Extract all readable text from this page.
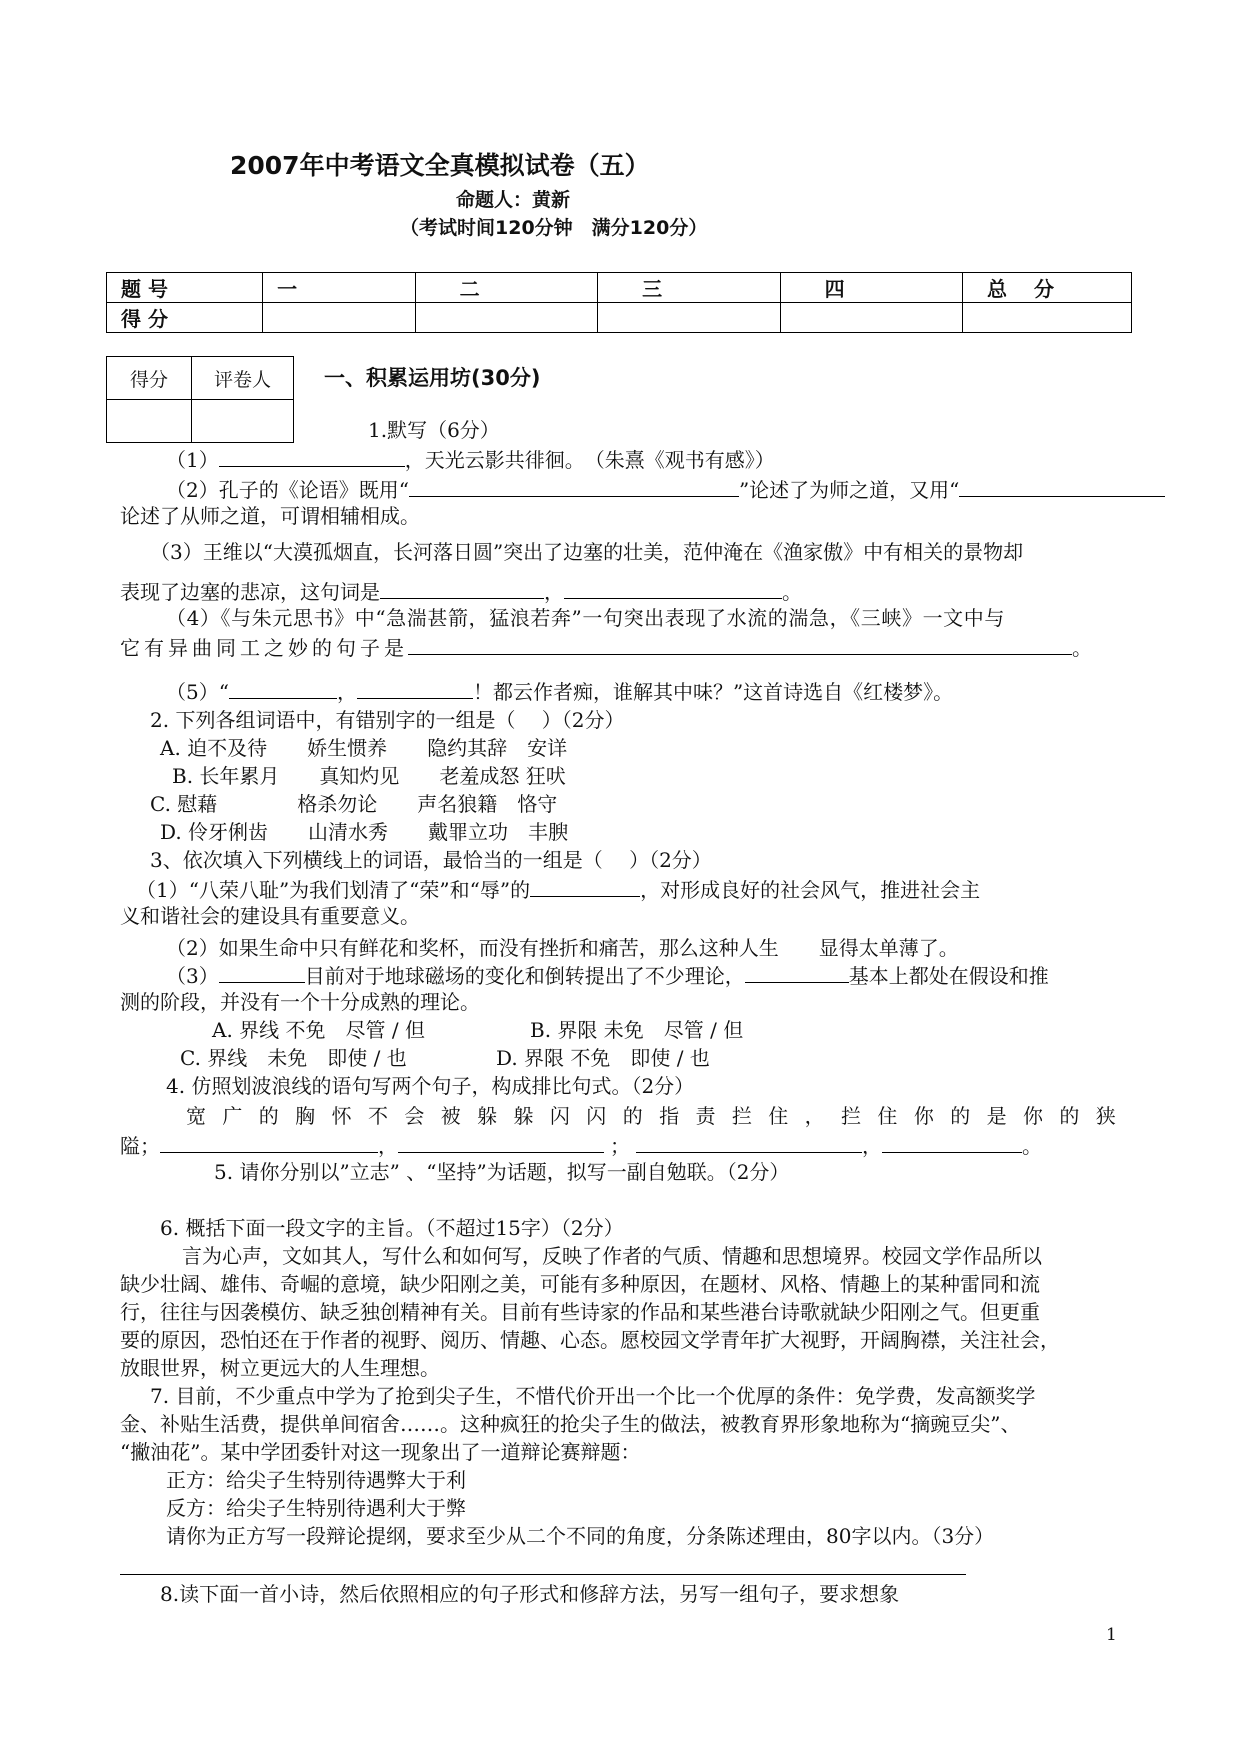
2007年中考语文全真模拟试卷（五）
命题人：黄新
（考试时间120分钟　满分120分）
题 号	一	二	三	四	总　 分
得 分					
得分	评卷人
		一、积累运用坊(30分)
1.默写（6分）
（1）	，天光云影共徘徊。　（朱熹《观书有感》）
（2）孔子的《论语》既用“	”论述了为师之道，又用“
论述了从师之道，可谓相辅相成。
（3）王维以“大漠孤烟直，长河落日圆”突出了边塞的壮美，范仲淹在《渔家傲》中有相关的景物却
表现了边塞的悲凉，这句词是	，	。
（4）《与朱元思书》中“急湍甚箭，猛浪若奔”一句突出表现了水流的湍急，《三峡》一文中与
它有异曲同工之妙的句子是	。
（5）“	，	！都云作者痴，谁解其中味？”这首诗选自《红楼梦》。
2. 下列各组词语中，有错别字的一组是（　 ）（2分）
A. 迫不及待　　娇生惯养　　隐约其辞　安详
B. 长年累月　　真知灼见　　老羞成怒 狂吠
C. 慰藉　　　　格杀勿论　　声名狼籍　恪守
D. 伶牙俐齿　　山清水秀　　戴罪立功　丰腴
3、依次填入下列横线上的词语，最恰当的一组是（　 ）（2分）
（1）“八荣八耻”为我们划清了“荣”和“辱”的	，对形成良好的社会风气，推进社会主
义和谐社会的建设具有重要意义。
（2）如果生命中只有鲜花和奖杯，而没有挫折和痛苦，那么这种人生　　显得太单薄了。
（3）	目前对于地球磁场的变化和倒转提出了不少理论，	基本上都处在假设和推
测的阶段，并没有一个十分成熟的理论。
A. 界线 不免　尽管 / 但	B. 界限 未免　尽管 / 但
C. 界线　未免　即使 / 也	D. 界限 不免　即使 / 也
4. 仿照划波浪线的语句写两个句子，构成排比句式。（2分）
宽 广 的 胸 怀 不 会 被 躲 躲 闪 闪 的 指 责 拦 住 ， 拦 住 你 的 是 你 的 狭
隘；	，	；	，	。
5. 请你分别以”立志” 、“坚持”为话题，拟写一副自勉联。（2分）
6. 概括下面一段文字的主旨。（不超过15字）（2分）
言为心声，文如其人，写什么和如何写，反映了作者的气质、情趣和思想境界。校园文学作品所以
缺少壮阔、雄伟、奇崛的意境，缺少阳刚之美，可能有多种原因，在题材、风格、情趣上的某种雷同和流
行，往往与因袭模仿、缺乏独创精神有关。目前有些诗家的作品和某些港台诗歌就缺少阳刚之气。但更重
要的原因，恐怕还在于作者的视野、阅历、情趣、心态。愿校园文学青年扩大视野，开阔胸襟，关注社会，
放眼世界，树立更远大的人生理想。
7. 目前，不少重点中学为了抢到尖子生，不惜代价开出一个比一个优厚的条件：免学费，发高额奖学
金、补贴生活费，提供单间宿舍……。这种疯狂的抢尖子生的做法，被教育界形象地称为“摘豌豆尖”、
“撇油花”。某中学团委针对这一现象出了一道辩论赛辩题：
正方：给尖子生特别待遇弊大于利
反方：给尖子生特别待遇利大于弊
请你为正方写一段辩论提纲，要求至少从二个不同的角度，分条陈述理由，80字以内。（3分）
8.读下面一首小诗，然后依照相应的句子形式和修辞方法，另写一组句子，要求想象
1
